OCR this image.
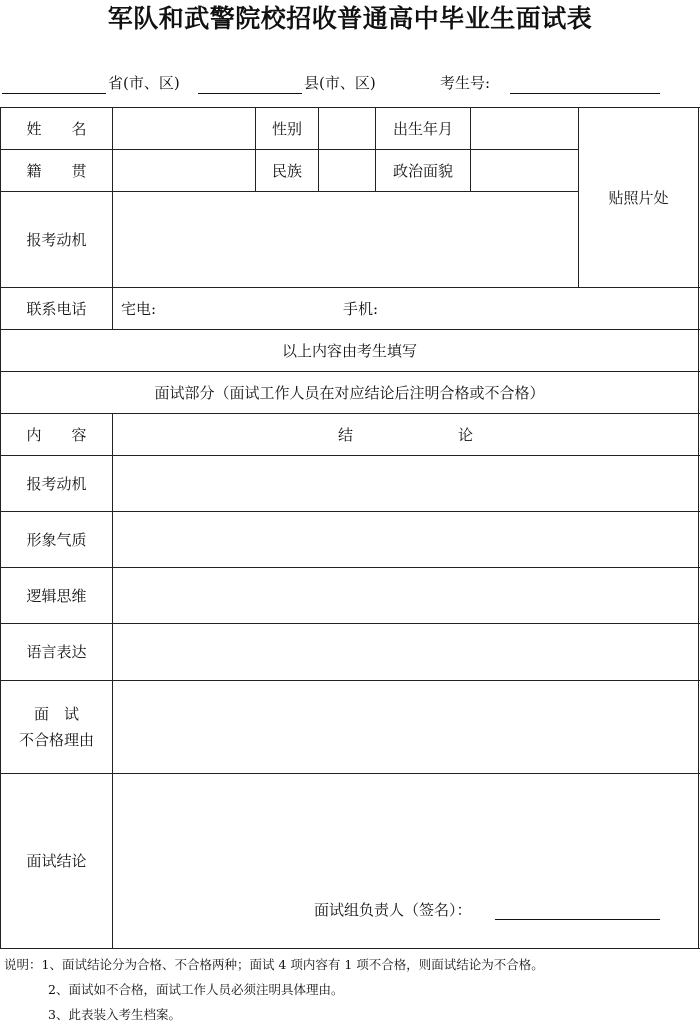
军队和武警院校招收普通高中毕业生面试表
省(市、区)	县(市、区)	考生号:
姓　　名	性别	出生年月
籍　　贯	民族	政治面貌
贴照片处
报考动机
联系电话	宅电:	手机:
以上内容由考生填写
面试部分（面试工作人员在对应结论后注明合格或不合格）
内　　容	结　　　　　　　论
报考动机
形象气质
逻辑思维
语言表达
面　试
不合格理由
面试结论
面试组负责人（签名）：
说明：1、面试结论分为合格、不合格两种；面试 4 项内容有 1 项不合格，则面试结论为不合格。
2、面试如不合格，面试工作人员必须注明具体理由。
3、此表装入考生档案。
